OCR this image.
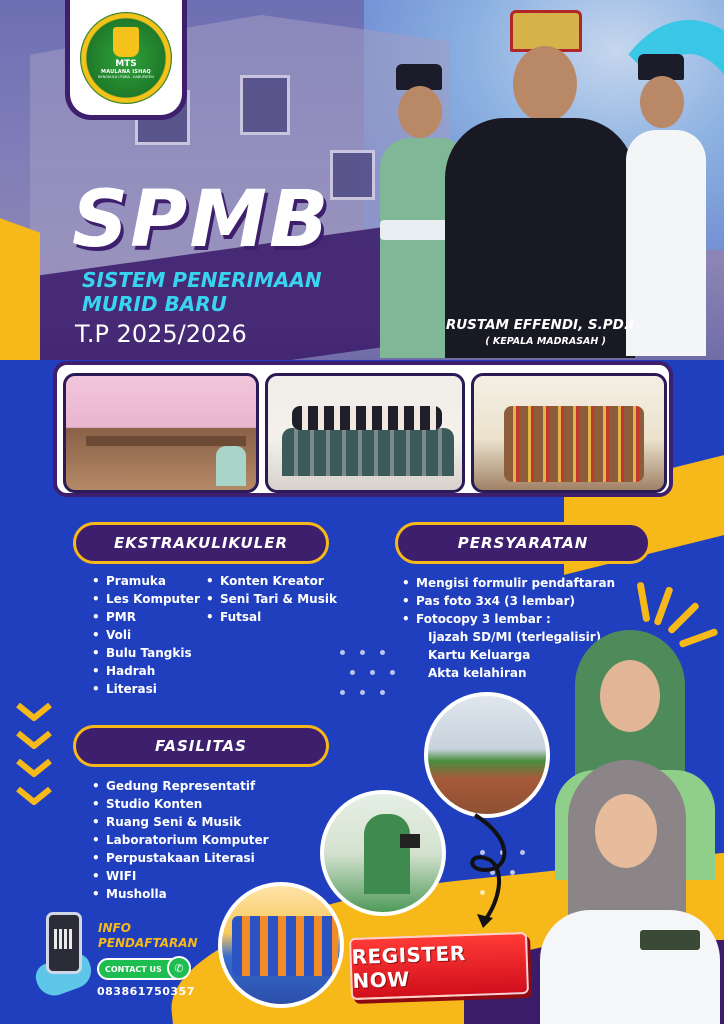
MTS
MAULANA ISHAQ
BENGKULU UTARA - KABUPATEN
SPMB
SISTEM PENERIMAAN
MURID BARU
T.P 2025/2026	RUSTAM EFFENDI, S.PD.I
( KEPALA MADRASAH )
EKSTRAKULIKULER	PERSYARATAN
FASILITAS
• Pramuka
• Les Komputer
• PMR
• Voli
• Bulu Tangkis
• Hadrah
• Literasi
• Konten Kreator
• Seni Tari & Musik
• Futsal
• Mengisi formulir pendaftaran
• Pas foto 3x4 (3 lembar)
• Fotocopy 3 lembar :
Ijazah SD/MI (terlegalisir)
Kartu Keluarga
Akta kelahiran
• Gedung Representatif
• Studio Konten
• Ruang Seni & Musik
• Laboratorium Komputer
• Perpustakaan Literasi
• WIFI
• Musholla
REGISTER NOW
INFO
PENDAFTARAN
CONTACT US	✆
083861750357
